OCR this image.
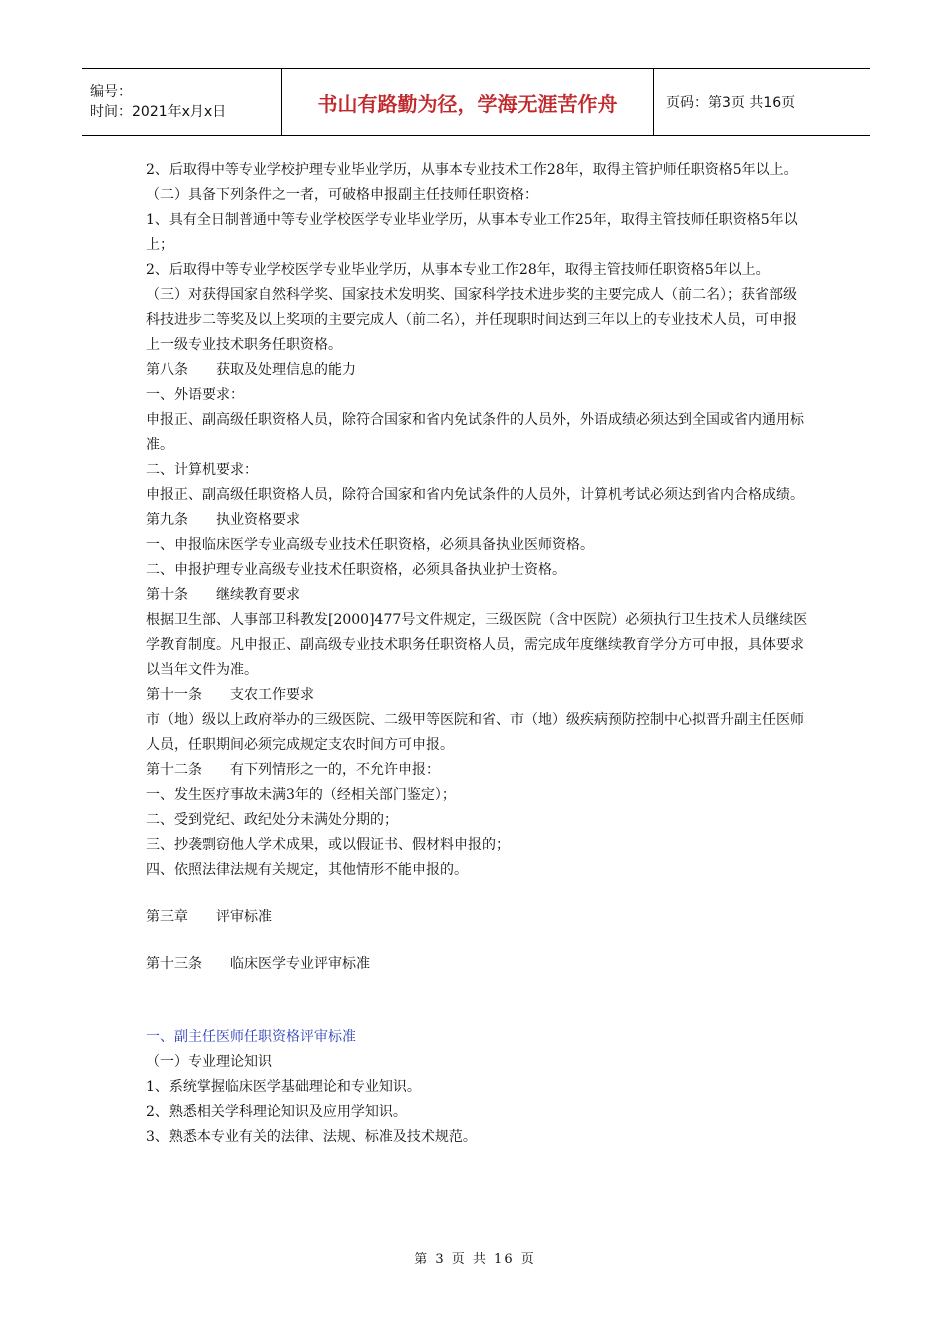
编号：
时间：2021年x月x日	书山有路勤为径，学海无涯苦作舟	页码：第3页 共16页

2、后取得中等专业学校护理专业毕业学历，从事本专业技术工作28年，取得主管护师任职资格5年以上。

（二）具备下列条件之一者，可破格申报副主任技师任职资格：

1、具有全日制普通中等专业学校医学专业毕业学历，从事本专业工作25年，取得主管技师任职资格5年以上；

2、后取得中等专业学校医学专业毕业学历，从事本专业工作28年，取得主管技师任职资格5年以上。

（三）对获得国家自然科学奖、国家技术发明奖、国家科学技术进步奖的主要完成人（前二名）；获省部级科技进步二等奖及以上奖项的主要完成人（前二名），并任现职时间达到三年以上的专业技术人员，可申报上一级专业技术职务任职资格。

第八条 获取及处理信息的能力

一、外语要求：

申报正、副高级任职资格人员，除符合国家和省内免试条件的人员外，外语成绩必须达到全国或省内通用标准。

二、计算机要求：

申报正、副高级任职资格人员，除符合国家和省内免试条件的人员外，计算机考试必须达到省内合格成绩。

第九条 执业资格要求

一、申报临床医学专业高级专业技术任职资格，必须具备执业医师资格。

二、申报护理专业高级专业技术任职资格，必须具备执业护士资格。

第十条 继续教育要求

根据卫生部、人事部卫科教发[2000]477号文件规定，三级医院（含中医院）必须执行卫生技术人员继续医学教育制度。凡申报正、副高级专业技术职务任职资格人员，需完成年度继续教育学分方可申报，具体要求以当年文件为准。

第十一条 支农工作要求

市（地）级以上政府举办的三级医院、二级甲等医院和省、市（地）级疾病预防控制中心拟晋升副主任医师人员，任职期间必须完成规定支农时间方可申报。

第十二条 有下列情形之一的，不允许申报：

一、发生医疗事故未满3年的（经相关部门鉴定）；

二、受到党纪、政纪处分未满处分期的；

三、抄袭剽窃他人学术成果，或以假证书、假材料申报的；

四、依照法律法规有关规定，其他情形不能申报的。

第三章 评审标准

第十三条 临床医学专业评审标准

一、副主任医师任职资格评审标准

（一）专业理论知识

1、系统掌握临床医学基础理论和专业知识。

2、熟悉相关学科理论知识及应用学知识。

3、熟悉本专业有关的法律、法规、标准及技术规范。

第 3 页 共 16 页
